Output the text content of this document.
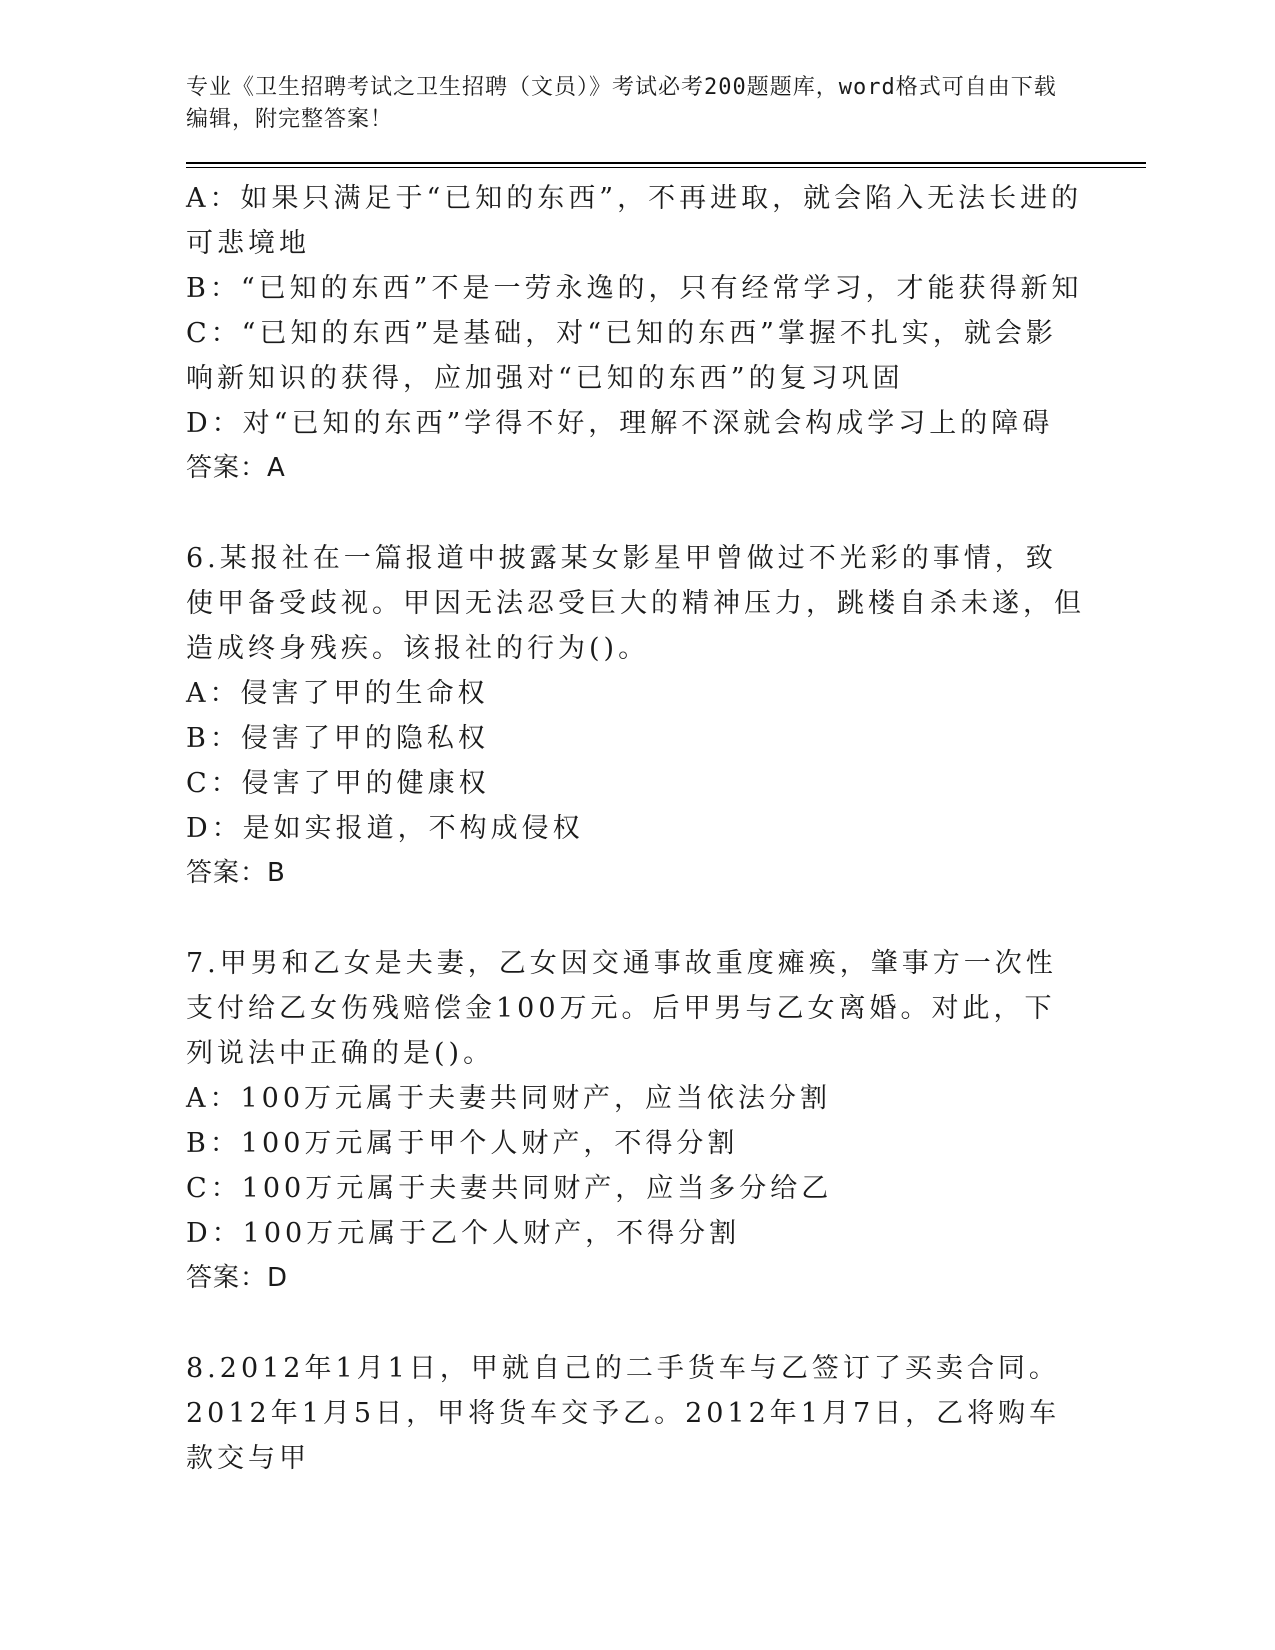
专业《卫生招聘考试之卫生招聘（文员）》考试必考200题题库，word格式可自由下载编辑，附完整答案！

A：如果只满足于“已知的东西”，不再进取，就会陷入无法长进的可悲境地

B：“已知的东西”不是一劳永逸的，只有经常学习，才能获得新知

C：“已知的东西”是基础，对“已知的东西”掌握不扎实，就会影响新知识的获得，应加强对“已知的东西”的复习巩固

D：对“已知的东西”学得不好，理解不深就会构成学习上的障碍

答案：A

6.某报社在一篇报道中披露某女影星甲曾做过不光彩的事情，致使甲备受歧视。甲因无法忍受巨大的精神压力，跳楼自杀未遂，但造成终身残疾。该报社的行为()。

A：侵害了甲的生命权

B：侵害了甲的隐私权

C：侵害了甲的健康权

D：是如实报道，不构成侵权

答案：B

7.甲男和乙女是夫妻，乙女因交通事故重度瘫痪，肇事方一次性支付给乙女伤残赔偿金100万元。后甲男与乙女离婚。对此，下列说法中正确的是()。

A：100万元属于夫妻共同财产，应当依法分割

B：100万元属于甲个人财产，不得分割

C：100万元属于夫妻共同财产，应当多分给乙

D：100万元属于乙个人财产，不得分割

答案：D

8.2012年1月1日，甲就自己的二手货车与乙签订了买卖合同。2012年1月5日，甲将货车交予乙。2012年1月7日，乙将购车款交与甲
